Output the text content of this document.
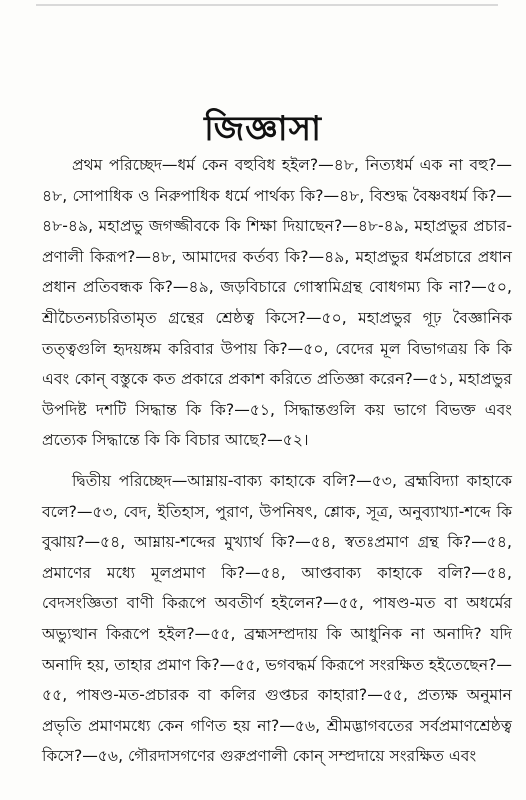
জিজ্ঞাসা

প্রথম পরিচ্ছেদ—ধর্ম কেন বহুবিধ হইল?—৪৮, নিত্যধর্ম এক না বহু?—৪৮, সোপাধিক ও নিরুপাধিক ধর্মে পার্থক্য কি?—৪৮, বিশুদ্ধ বৈষ্ণবধর্ম কি?—৪৮-৪৯, মহাপ্রভু জগজ্জীবকে কি শিক্ষা দিয়াছেন?—৪৮-৪৯, মহাপ্রভুর প্রচার-প্রণালী কিরূপ?—৪৮, আমাদের কর্তব্য কি?—৪৯, মহাপ্রভুর ধর্মপ্রচারে প্রধান প্রধান প্রতিবন্ধক কি?—৪৯, জড়বিচারে গোস্বামিগ্রন্থ বোধগম্য কি না?—৫০, শ্রীচৈতন্যচরিতামৃত গ্রন্থের শ্রেষ্ঠত্ব কিসে?—৫০, মহাপ্রভুর গূঢ় বৈজ্ঞানিক তত্ত্বগুলি হৃদয়ঙ্গম করিবার উপায় কি?—৫০, বেদের মূল বিভাগত্রয় কি কি এবং কোন্ বস্তুকে কত প্রকারে প্রকাশ করিতে প্রতিজ্ঞা করেন?—৫১, মহাপ্রভুর উপদিষ্ট দশটি সিদ্ধান্ত কি কি?—৫১, সিদ্ধান্তগুলি কয় ভাগে বিভক্ত এবং প্রত্যেক সিদ্ধান্তে কি কি বিচার আছে?—৫২।

দ্বিতীয় পরিচ্ছেদ—আম্নায়-বাক্য কাহাকে বলি?—৫৩, ব্রহ্মবিদ্যা কাহাকে বলে?—৫৩, বেদ, ইতিহাস, পুরাণ, উপনিষৎ, শ্লোক, সূত্র, অনুব্যাখ্যা-শব্দে কি বুঝায়?—৫৪, আম্নায়-শব্দের মুখ্যার্থ কি?—৫৪, স্বতঃপ্রমাণ গ্রন্থ কি?—৫৪, প্রমাণের মধ্যে মূলপ্রমাণ কি?—৫৪, আপ্তবাক্য কাহাকে বলি?—৫৪, বেদসংজ্ঞিতা বাণী কিরূপে অবতীর্ণ হইলেন?—৫৫, পাষণ্ড-মত বা অধর্মের অভ্যুত্থান কিরূপে হইল?—৫৫, ব্রহ্মসম্প্রদায় কি আধুনিক না অনাদি? যদি অনাদি হয়, তাহার প্রমাণ কি?—৫৫, ভগবদ্ধর্ম কিরূপে সংরক্ষিত হইতেছেন?—৫৫, পাষণ্ড-মত-প্রচারক বা কলির গুপ্তচর কাহারা?—৫৫, প্রত্যক্ষ অনুমান প্রভৃতি প্রমাণমধ্যে কেন গণিত হয় না?—৫৬, শ্রীমদ্ভাগবতের সর্বপ্রমাণশ্রেষ্ঠত্ব কিসে?—৫৬, গৌরদাসগণের গুরুপ্রণালী কোন্ সম্প্রদায়ে সংরক্ষিত এবং
